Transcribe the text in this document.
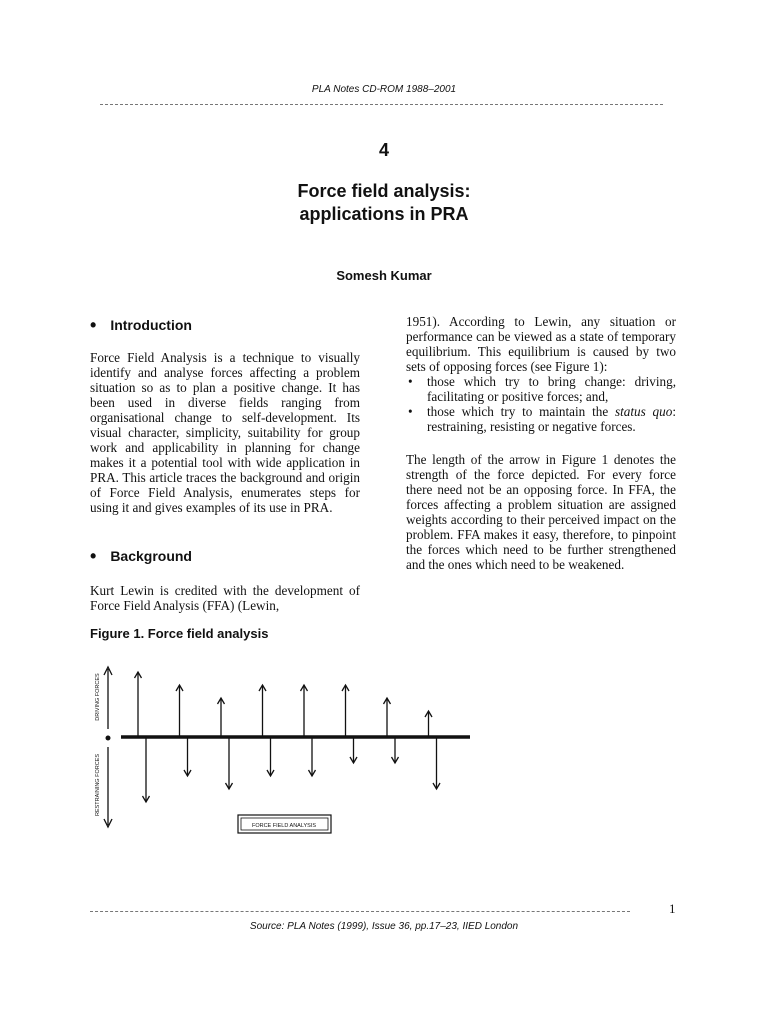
PLA Notes CD-ROM 1988–2001
4
Force field analysis:
applications in PRA
Somesh Kumar
• Introduction
Force Field Analysis is a technique to visually identify and analyse forces affecting a problem situation so as to plan a positive change. It has been used in diverse fields ranging from organisational change to self-development. Its visual character, simplicity, suitability for group work and applicability in planning for change makes it a potential tool with wide application in PRA. This article traces the background and origin of Force Field Analysis, enumerates steps for using it and gives examples of its use in PRA.
• Background
Kurt Lewin is credited with the development of Force Field Analysis (FFA) (Lewin,
1951). According to Lewin, any situation or performance can be viewed as a state of temporary equilibrium. This equilibrium is caused by two sets of opposing forces (see Figure 1):
• those which try to bring change: driving, facilitating or positive forces; and,
• those which try to maintain the status quo: restraining, resisting or negative forces.
The length of the arrow in Figure 1 denotes the strength of the force depicted. For every force there need not be an opposing force. In FFA, the forces affecting a problem situation are assigned weights according to their perceived impact on the problem. FFA makes it easy, therefore, to pinpoint the forces which need to be further strengthened and the ones which need to be weakened.
Figure 1. Force field analysis
DRIVING FORCES
RESTRAINING FORCES
FORCE FIELD ANALYSIS
1
Source: PLA Notes (1999), Issue 36, pp.17–23, IIED London
